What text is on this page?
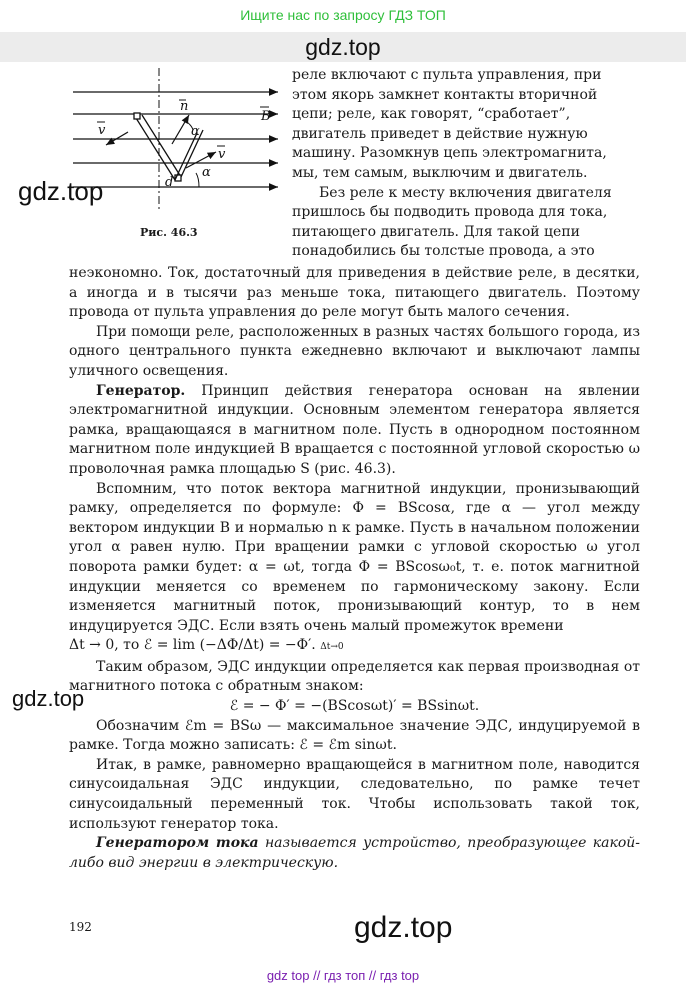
Ищите нас по запросу ГДЗ ТОП
gdz.top
n
B
v
v
α
α
d
Рис. 46.3
gdz.top

реле включают с пульта управления, при

этом якорь замкнет контакты вторичной

цепи; реле, как говорят, “сработает”,

двигатель приведет в действие нужную

машину. Разомкнув цепь электромагнита,

мы, тем самым, выключим и двигатель.

Без реле к месту включения двигателя

пришлось бы подводить провода для тока,

питающего двигатель. Для такой цепи

понадобились бы толстые провода, а это

неэкономно. Ток, достаточный для приведения в действие реле, в десятки, а иногда и в тысячи раз меньше тока, питающего двигатель. Поэтому провода от пульта управления до реле могут быть малого сечения.

При помощи реле, расположенных в разных частях большого города, из одного центрального пункта ежедневно включают и выключают лампы уличного освещения.

Генератор. Принцип действия генератора основан на явлении электромагнитной индукции. Основным элементом генератора является рамка, вращающаяся в магнитном поле. Пусть в однородном постоянном магнитном поле индукцией B вращается с постоянной угловой скоростью ω проволочная рамка площадью S (рис. 46.3).

Вспомним, что поток вектора магнитной индукции, пронизывающий рамку, определяется по формуле: Φ = BScosα, где α — угол между вектором индукции B и нормалью n к рамке. Пусть в начальном положении угол α равен нулю. При вращении рамки с угловой скоростью ω угол поворота рамки будет: α = ωt, тогда Φ = BScosω₀t, т. е. поток магнитной индукции меняется со временем по гармоническому закону. Если изменяется магнитный поток, пронизывающий контур, то в нем индуцируется ЭДС. Если взять очень малый промежуток времени

Δt → 0, то ℰ = lim (−ΔΦ/Δt) = −Φ′. Δt→0

Таким образом, ЭДС индукции определяется как первая производная от магнитного потока с обратным знаком:

ℰ = − Φ′ = −(BScosωt)′ = BSsinωt.

Обозначим ℰm = BSω — максимальное значение ЭДС, индуцируемой в рамке. Тогда можно записать: ℰ = ℰm sinωt.

Итак, в рамке, равномерно вращающейся в магнитном поле, наводится синусоидальная ЭДС индукции, следовательно, по рамке течет синусоидальный переменный ток. Чтобы использовать такой ток, используют генератор тока.

Генератором тока называется устройство, преобразующее какой-либо вид энергии в электрическую.

gdz.top
192	gdz.top
gdz top // гдз топ // гдз top
